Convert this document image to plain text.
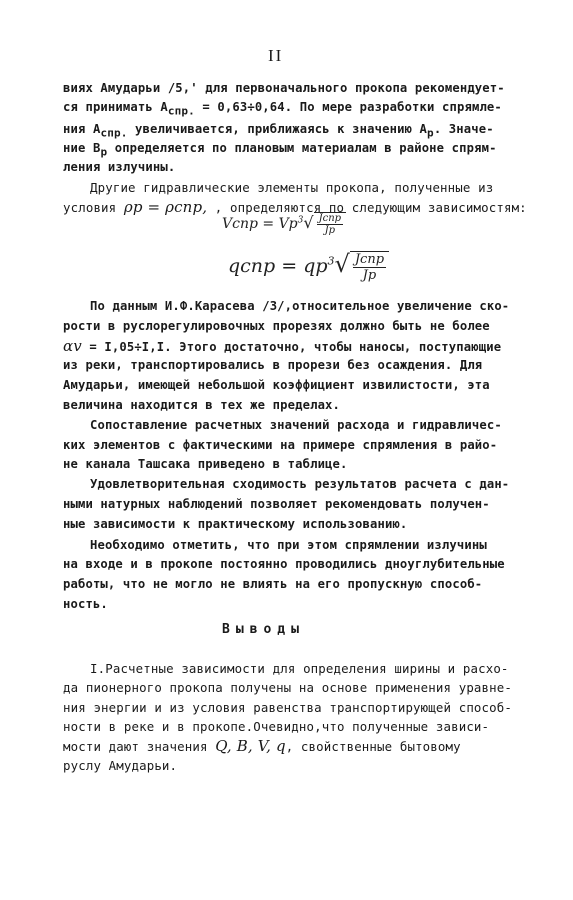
II
виях Амударьи /5,' для первоначального прокопа рекомендует-
ся принимать $A_{спр.} = 0,63\div 0,64$. По мере разработки спрямле-
ния $A_{спр.}$ увеличивается, приближаясь к значению $A_р$. Значе-
ние $B_р$ определяется по плановым материалам в районе спрям-
ления излучины.
Другие гидравлические элементы прокопа, полученные из
условия ρр = ρспр, , определяются по следующим зависимостям:
Vспр = $Vр^3√ \frac{\text{Jспр}}{Jр}$
qспр = $qр^3√ \frac{\text{Jспр}}{Jр}$
По данным И.Ф.Карасева /3/,относительное увеличение ско-
рости в руслорегулировочных прорезях должно быть не более
αv = I,05÷I,I. Этого достаточно, чтобы наносы, поступающие
из реки, транспортировались в прорези без осаждения. Для
Амударьи, имеющей небольшой коэффициент извилистости, эта
величина находится в тех же пределах.
Сопоставление расчетных значений расхода и гидравличес-
ких элементов с фактическими на примере спрямления в райо-
не канала Ташсака приведено в таблице.
Удовлетворительная сходимость результатов расчета с дан-
ными натурных наблюдений позволяет рекомендовать получен-
ные зависимости к практическому использованию.
Необходимо отметить, что при этом спрямлении излучины
на входе и в прокопе постоянно проводились дноуглубительные
работы, что не могло не влиять на его пропускную способ-
ность.
Выводы
I.Расчетные зависимости для определения ширины и расхо-
да пионерного прокопа получены на основе применения уравне-
ния энергии и из условия равенства транспортирующей способ-
ности в реке и в прокопе.Очевидно,что полученные зависи-
мости дают значения Q, B, V, q, свойственные бытовому
руслу Амударьи.
